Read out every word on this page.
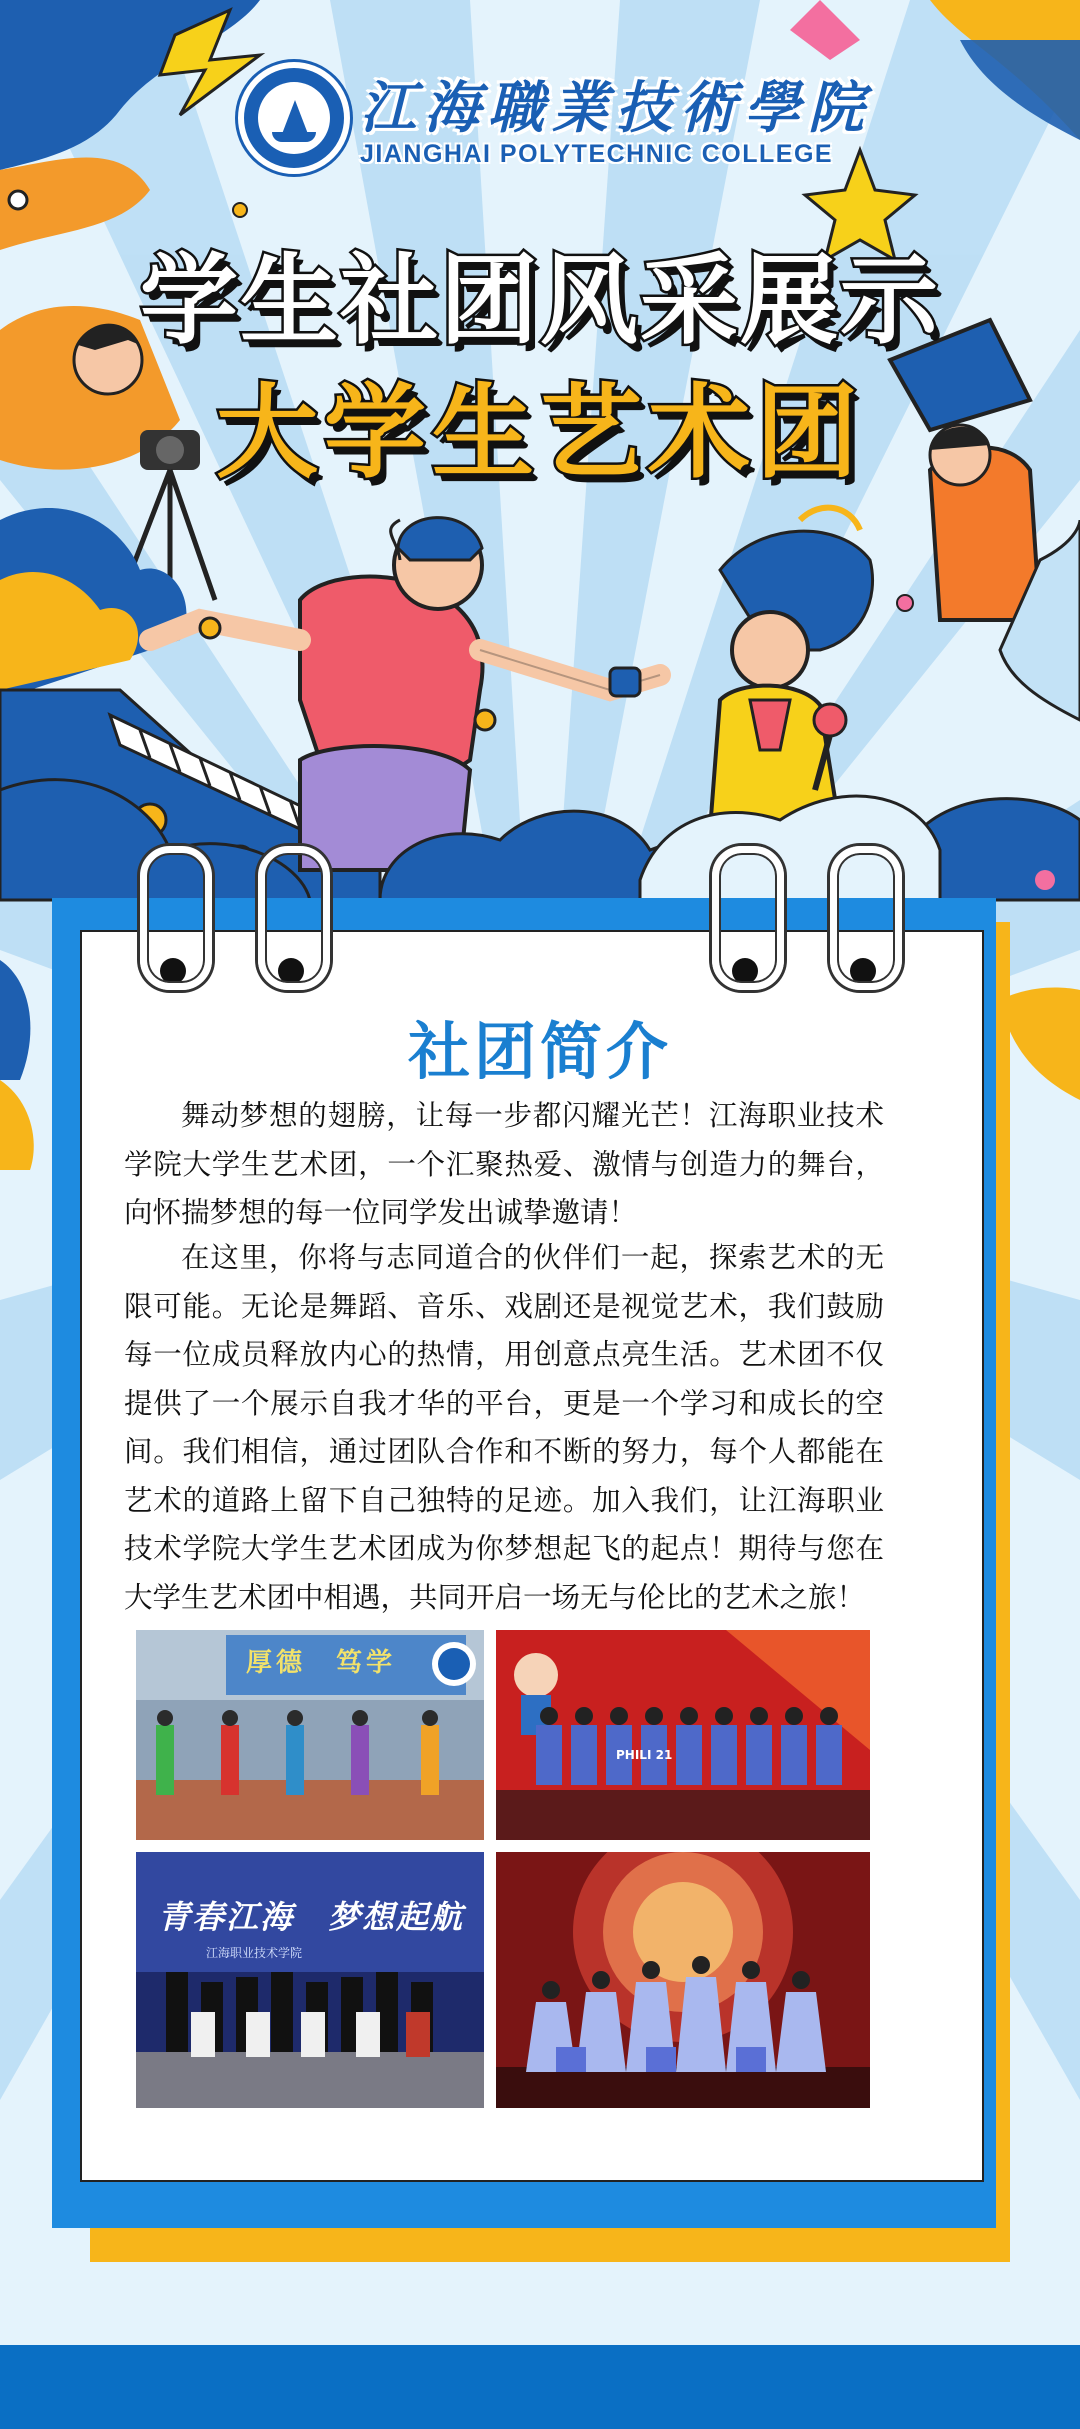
江海職業技術學院
JIANGHAI POLYTECHNIC COLLEGE
学生社团风采展示
大学生艺术团
社团简介

舞动梦想的翅膀，让每一步都闪耀光芒！江海职业技术学院大学生艺术团，一个汇聚热爱、激情与创造力的舞台，向怀揣梦想的每一位同学发出诚挚邀请！

在这里，你将与志同道合的伙伴们一起，探索艺术的无限可能。无论是舞蹈、音乐、戏剧还是视觉艺术，我们鼓励每一位成员释放内心的热情，用创意点亮生活。艺术团不仅提供了一个展示自我才华的平台，更是一个学习和成长的空间。我们相信，通过团队合作和不断的努力，每个人都能在艺术的道路上留下自己独特的足迹。加入我们，让江海职业技术学院大学生艺术团成为你梦想起飞的起点！期待与您在大学生艺术团中相遇，共同开启一场无与伦比的艺术之旅！

厚德　笃学
PHILI 21
青春江海　梦想起航
江海职业技术学院
